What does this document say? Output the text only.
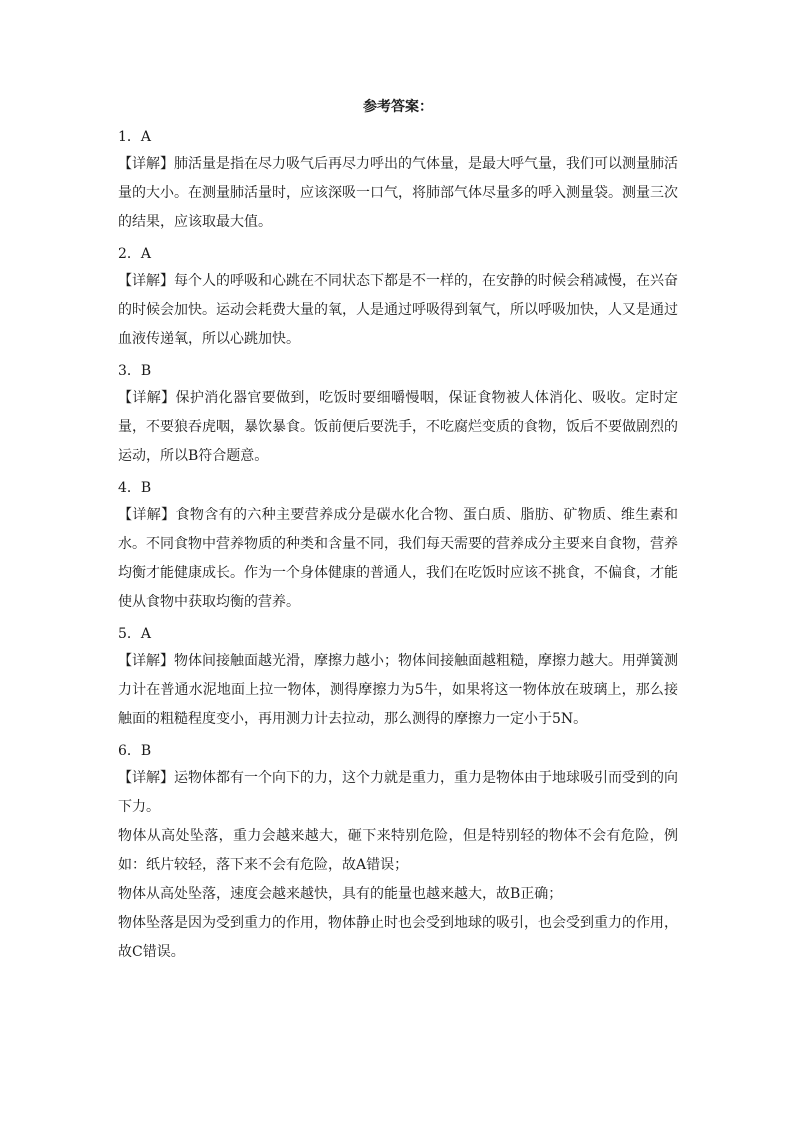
参考答案：
1．A

【详解】肺活量是指在尽力吸气后再尽力呼出的气体量，是最大呼气量，我们可以测量肺活量的大小。在测量肺活量时，应该深吸一口气，将肺部气体尽量多的呼入测量袋。测量三次的结果，应该取最大值。

2．A

【详解】每个人的呼吸和心跳在不同状态下都是不一样的，在安静的时候会稍减慢，在兴奋的时候会加快。运动会耗费大量的氧，人是通过呼吸得到氧气，所以呼吸加快，人又是通过血液传递氧，所以心跳加快。

3．B

【详解】保护消化器官要做到，吃饭时要细嚼慢咽，保证食物被人体消化、吸收。定时定量，不要狼吞虎咽，暴饮暴食。饭前便后要洗手，不吃腐烂变质的食物，饭后不要做剧烈的运动，所以B符合题意。

4．B

【详解】食物含有的六种主要营养成分是碳水化合物、蛋白质、脂肪、矿物质、维生素和水。不同食物中营养物质的种类和含量不同，我们每天需要的营养成分主要来自食物，营养均衡才能健康成长。作为一个身体健康的普通人，我们在吃饭时应该不挑食，不偏食，才能使从食物中获取均衡的营养。

5．A

【详解】物体间接触面越光滑，摩擦力越小；物体间接触面越粗糙，摩擦力越大。用弹簧测力计在普通水泥地面上拉一物体，测得摩擦力为5牛，如果将这一物体放在玻璃上，那么接触面的粗糙程度变小，再用测力计去拉动，那么测得的摩擦力一定小于5N。

6．B

【详解】运物体都有一个向下的力，这个力就是重力，重力是物体由于地球吸引而受到的向下力。

物体从高处坠落，重力会越来越大，砸下来特别危险，但是特别轻的物体不会有危险，例如：纸片较轻，落下来不会有危险，故A错误；

物体从高处坠落，速度会越来越快，具有的能量也越来越大，故B正确；

物体坠落是因为受到重力的作用，物体静止时也会受到地球的吸引，也会受到重力的作用，故C错误。
